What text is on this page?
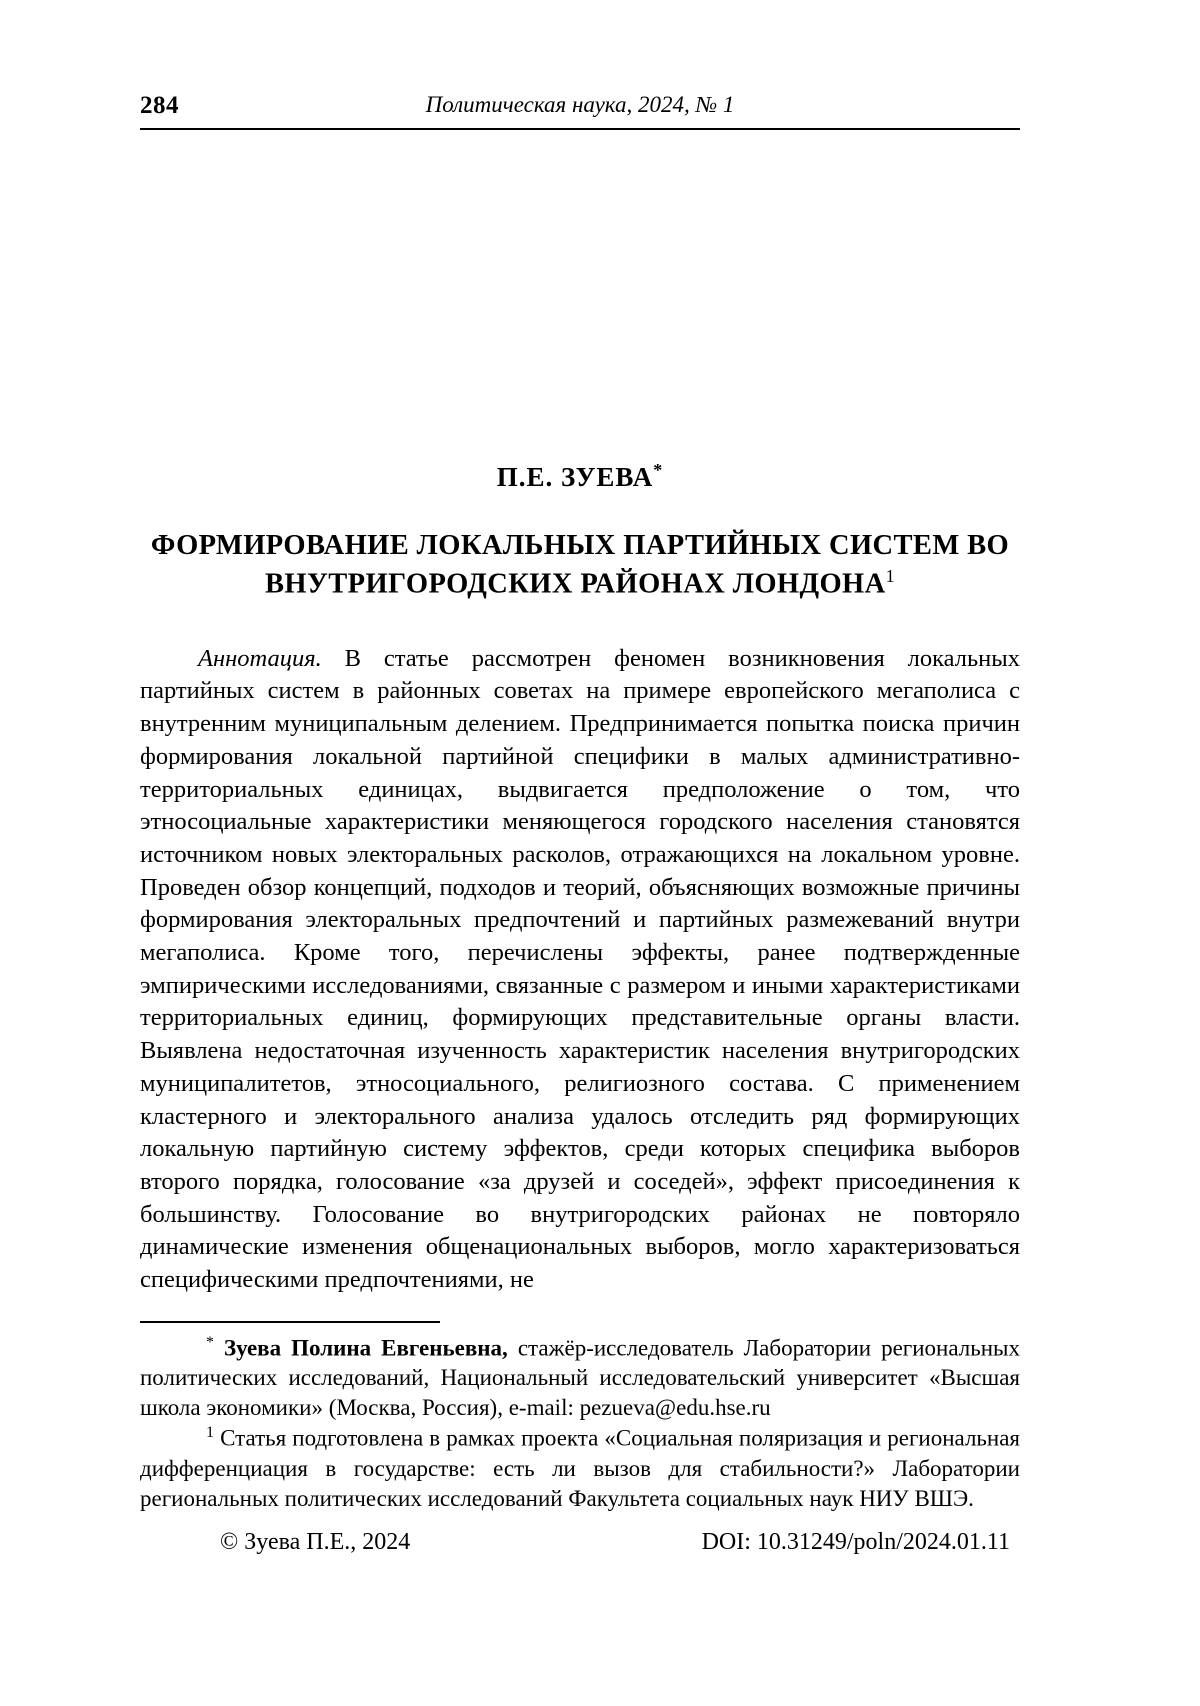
284	Политическая наука, 2024, № 1
П.Е. ЗУЕВА*
ФОРМИРОВАНИЕ ЛОКАЛЬНЫХ ПАРТИЙНЫХ СИСТЕМ ВО ВНУТРИГОРОДСКИХ РАЙОНАХ ЛОНДОНА$^1$
Аннотация. В статье рассмотрен феномен возникновения локальных партийных систем в районных советах на примере европейского мегаполиса с внутренним муниципальным делением. Предпринимается попытка поиска причин формирования локальной партийной специфики в малых административно-территориальных единицах, выдвигается предположение о том, что этносоциальные характеристики меняющегося городского населения становятся источником новых электоральных расколов, отражающихся на локальном уровне. Проведен обзор концепций, подходов и теорий, объясняющих возможные причины формирования электоральных предпочтений и партийных размежеваний внутри мегаполиса. Кроме того, перечислены эффекты, ранее подтвержденные эмпирическими исследованиями, связанные с размером и иными характеристиками территориальных единиц, формирующих представительные органы власти. Выявлена недостаточная изученность характеристик населения внутригородских муниципалитетов, этносоциального, религиозного состава. С применением кластерного и электорального анализа удалось отследить ряд формирующих локальную партийную систему эффектов, среди которых специфика выборов второго порядка, голосование «за друзей и соседей», эффект присоединения к большинству. Голосование во внутригородских районах не повторяло динамические изменения общенациональных выборов, могло характеризоваться специфическими предпочтениями, не

* Зуева Полина Евгеньевна, стажёр-исследователь Лаборатории региональных политических исследований, Национальный исследовательский университет «Высшая школа экономики» (Москва, Россия), e-mail: pezueva@edu.hse.ru

$^1$ Статья подготовлена в рамках проекта «Социальная поляризация и региональная дифференциация в государстве: есть ли вызов для стабильности?» Лаборатории региональных политических исследований Факультета социальных наук НИУ ВШЭ.

© Зуева П.Е., 2024	DOI: 10.31249/poln/2024.01.11
